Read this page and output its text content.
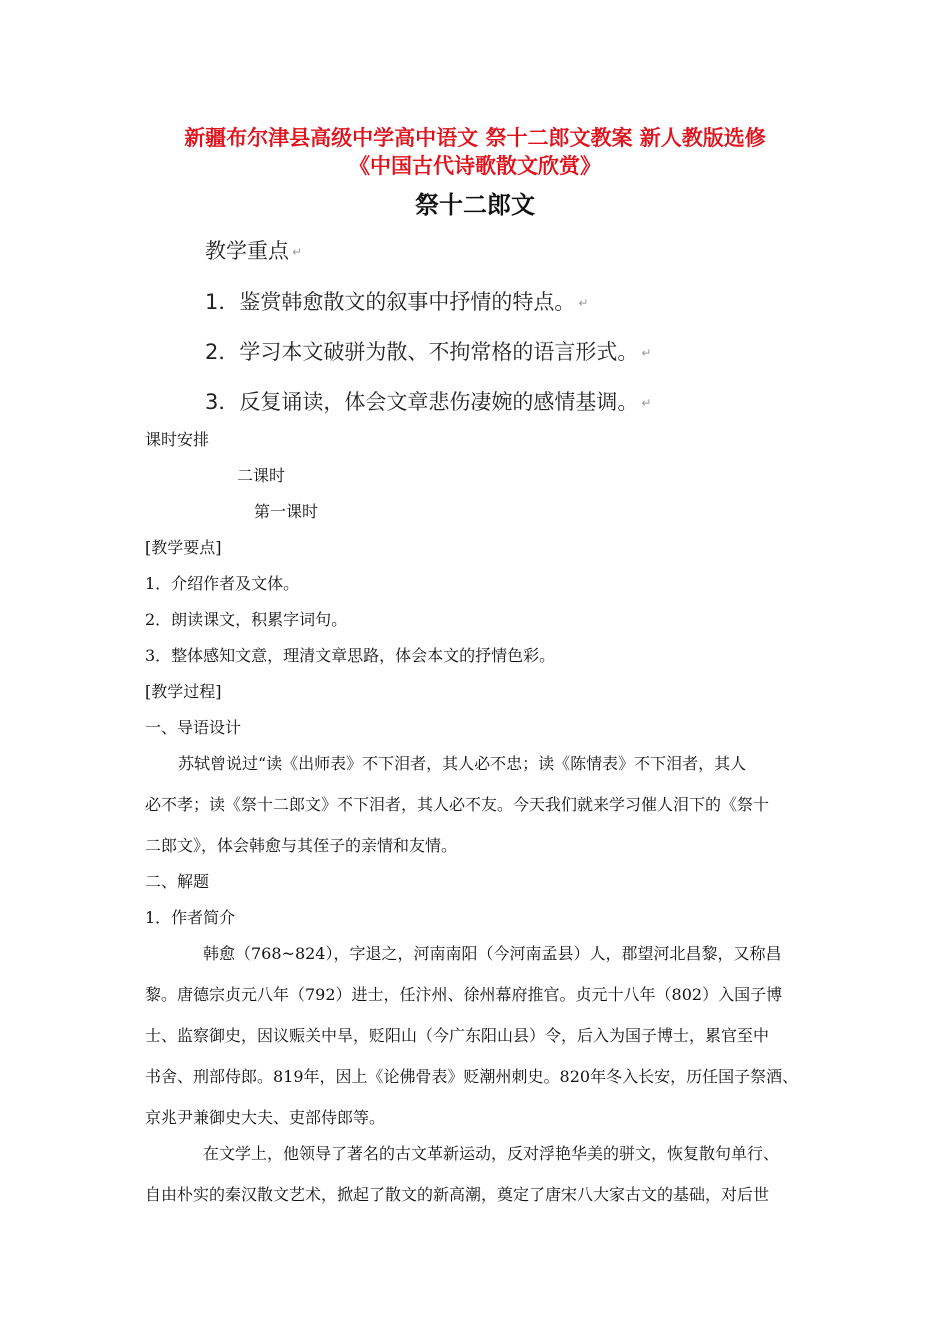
新疆布尔津县高级中学高中语文 祭十二郎文教案 新人教版选修
《中国古代诗歌散文欣赏》
祭十二郎文
教学重点 ↵
1．鉴赏韩愈散文的叙事中抒情的特点。 ↵
2．学习本文破骈为散、不拘常格的语言形式。 ↵
3．反复诵读，体会文章悲伤凄婉的感情基调。 ↵
课时安排
二课时
第一课时
[教学要点]
1．介绍作者及文体。
2．朗读课文，积累字词句。
3．整体感知文意，理清文章思路，体会本文的抒情色彩。
[教学过程]
一、导语设计
苏轼曾说过“读《出师表》不下泪者，其人必不忠；读《陈情表》不下泪者，其人
必不孝；读《祭十二郎文》不下泪者，其人必不友。今天我们就来学习催人泪下的《祭十
二郎文》，体会韩愈与其侄子的亲情和友情。
二、解题
1．作者简介
韩愈（768~824），字退之，河南南阳（今河南孟县）人，郡望河北昌黎，又称昌
黎。唐德宗贞元八年（792）进士，任汴州、徐州幕府推官。贞元十八年（802）入国子博
士、监察御史，因议赈关中旱，贬阳山（今广东阳山县）令，后入为国子博士，累官至中
书舍、刑部侍郎。819年，因上《论佛骨表》贬潮州刺史。820年冬入长安，历任国子祭酒、
京兆尹兼御史大夫、吏部侍郎等。
在文学上，他领导了著名的古文革新运动，反对浮艳华美的骈文，恢复散句单行、
自由朴实的秦汉散文艺术，掀起了散文的新高潮，奠定了唐宋八大家古文的基础，对后世
